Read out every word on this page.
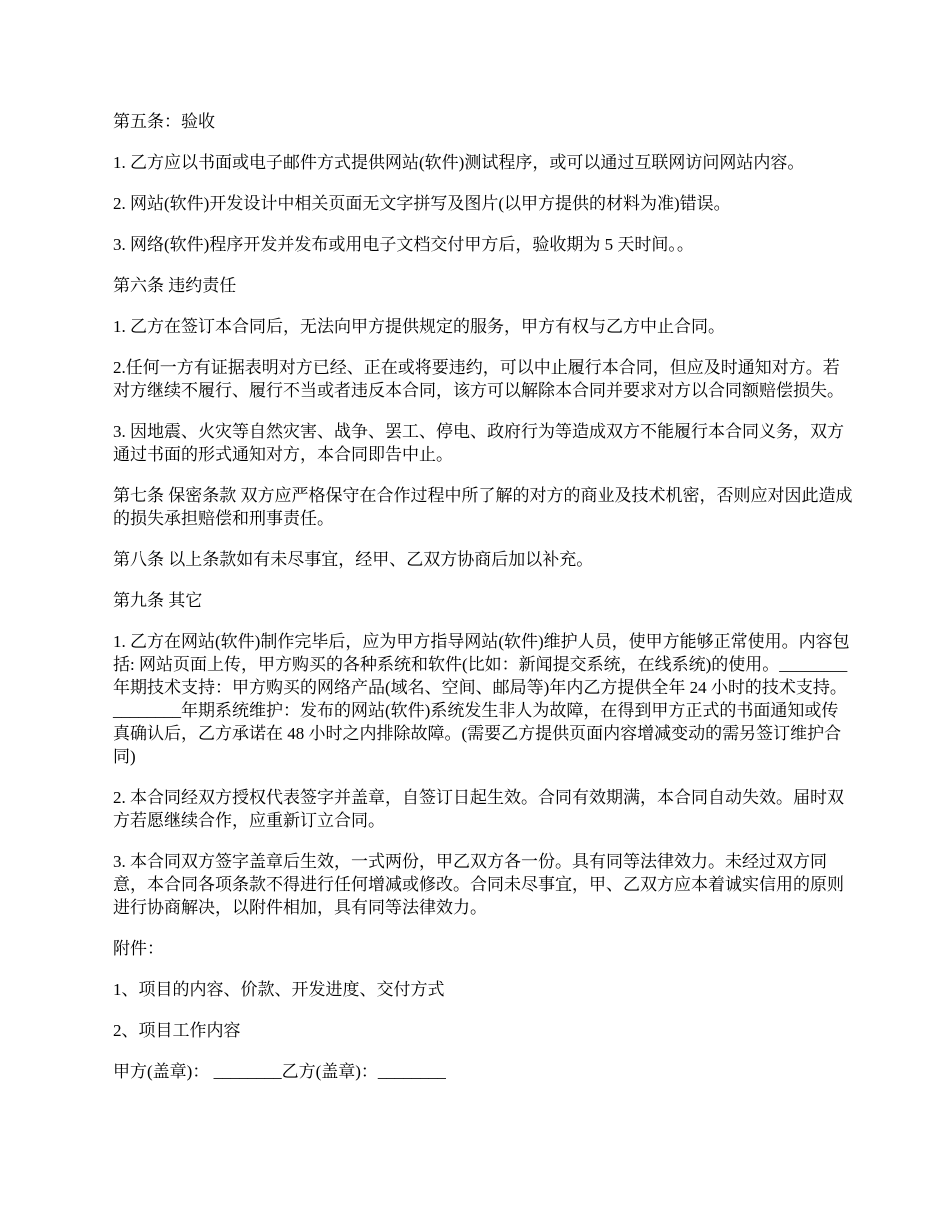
第五条：验收

1. 乙方应以书面或电子邮件方式提供网站(软件)测试程序，或可以通过互联网访问网站内容。

2. 网站(软件)开发设计中相关页面无文字拼写及图片(以甲方提供的材料为准)错误。

3. 网络(软件)程序开发并发布或用电子文档交付甲方后，验收期为 5 天时间。。

第六条 违约责任

1. 乙方在签订本合同后，无法向甲方提供规定的服务，甲方有权与乙方中止合同。

2.任何一方有证据表明对方已经、正在或将要违约，可以中止履行本合同，但应及时通知对方。若对方继续不履行、履行不当或者违反本合同，该方可以解除本合同并要求对方以合同额赔偿损失。

3. 因地震、火灾等自然灾害、战争、罢工、停电、政府行为等造成双方不能履行本合同义务，双方通过书面的形式通知对方，本合同即告中止。

第七条 保密条款 双方应严格保守在合作过程中所了解的对方的商业及技术机密，否则应对因此造成的损失承担赔偿和刑事责任。

第八条 以上条款如有未尽事宜，经甲、乙双方协商后加以补充。

第九条 其它

1. 乙方在网站(软件)制作完毕后，应为甲方指导网站(软件)维护人员，使甲方能够正常使用。内容包括: 网站页面上传，甲方购买的各种系统和软件(比如：新闻提交系统，在线系统)的使用。________年期技术支持：甲方购买的网络产品(域名、空间、邮局等)年内乙方提供全年 24 小时的技术支持。________年期系统维护：发布的网站(软件)系统发生非人为故障，在得到甲方正式的书面通知或传真确认后，乙方承诺在 48 小时之内排除故障。(需要乙方提供页面内容增减变动的需另签订维护合同)

2. 本合同经双方授权代表签字并盖章，自签订日起生效。合同有效期满，本合同自动失效。届时双方若愿继续合作，应重新订立合同。

3. 本合同双方签字盖章后生效，一式两份，甲乙双方各一份。具有同等法律效力。未经过双方同意，本合同各项条款不得进行任何增减或修改。合同未尽事宜，甲、乙双方应本着诚实信用的原则进行协商解决，以附件相加，具有同等法律效力。

附件：

1、项目的内容、价款、开发进度、交付方式

2、项目工作内容

甲方(盖章)： ________乙方(盖章)：________
